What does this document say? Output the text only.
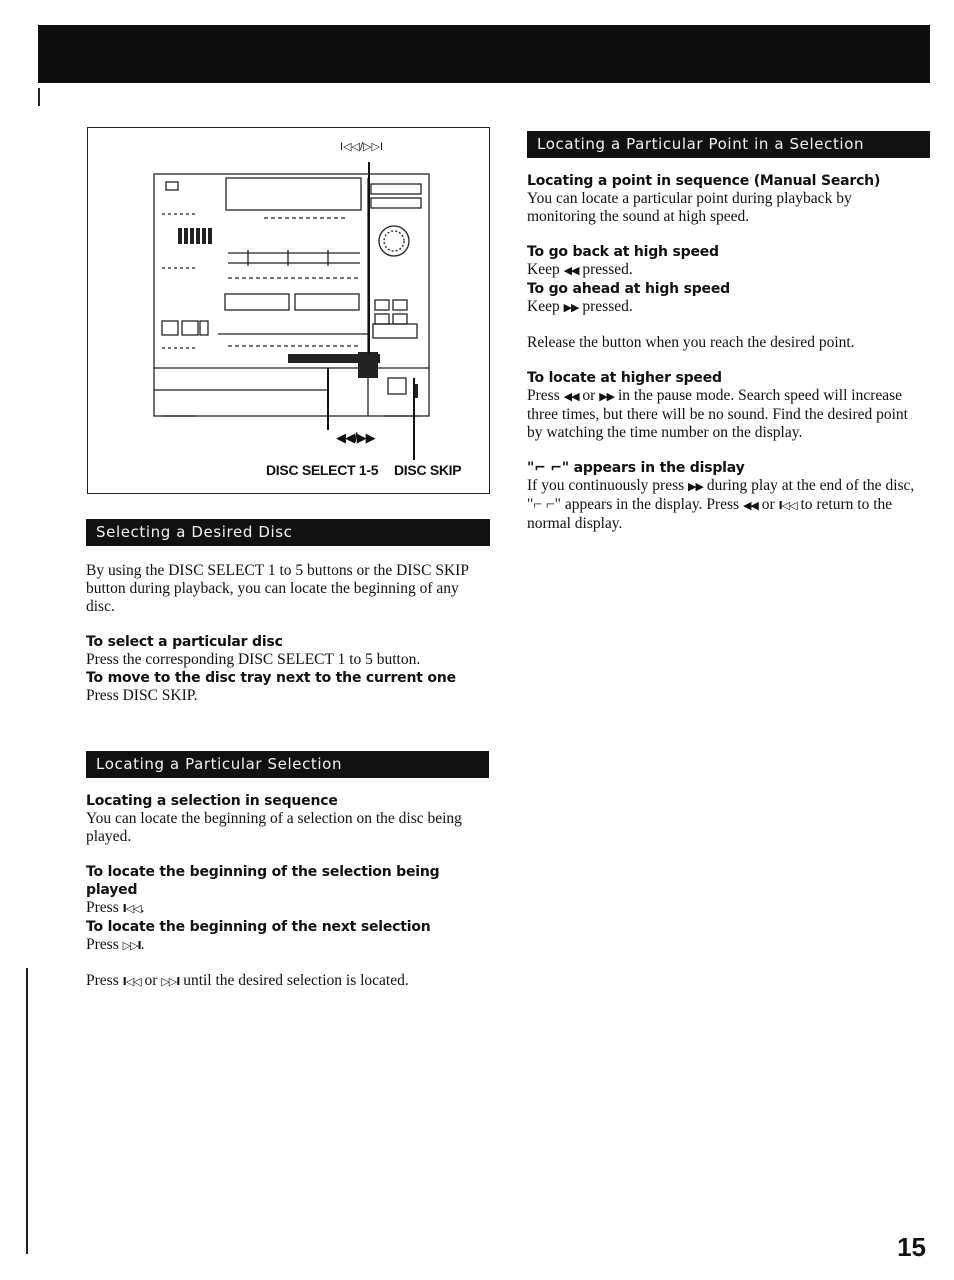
I◁◁/▷▷I
◀◀/▶▶
DISC SELECT 1-5 DISC SKIP
Selecting a Desired Disc

By using the DISC SELECT 1 to 5 buttons or the DISC SKIP button during playback, you can locate the beginning of any disc.

To select a particular disc

Press the corresponding DISC SELECT 1 to 5 button.

To move to the disc tray next to the current one

Press DISC SKIP.

Locating a Particular Selection

Locating a selection in sequence

You can locate the beginning of a selection on the disc being played.

To locate the beginning of the selection being played

Press I◁◁.

To locate the beginning of the next selection

Press ▷▷I.

Press I◁◁ or ▷▷I until the desired selection is located.

Locating a Particular Point in a Selection

Locating a point in sequence (Manual Search)

You can locate a particular point during playback by monitoring the sound at high speed.

To go back at high speed

Keep ◀◀ pressed.

To go ahead at high speed

Keep ▶▶ pressed.

Release the button when you reach the desired point.

To locate at higher speed

Press ◀◀ or ▶▶ in the pause mode. Search speed will increase three times, but there will be no sound. Find the desired point by watching the time number on the display.

"⌐ ⌐" appears in the display

If you continuously press ▶▶ during play at the end of the disc, "⌐ ⌐" appears in the display. Press ◀◀ or I◁◁ to return to the normal display.

15
